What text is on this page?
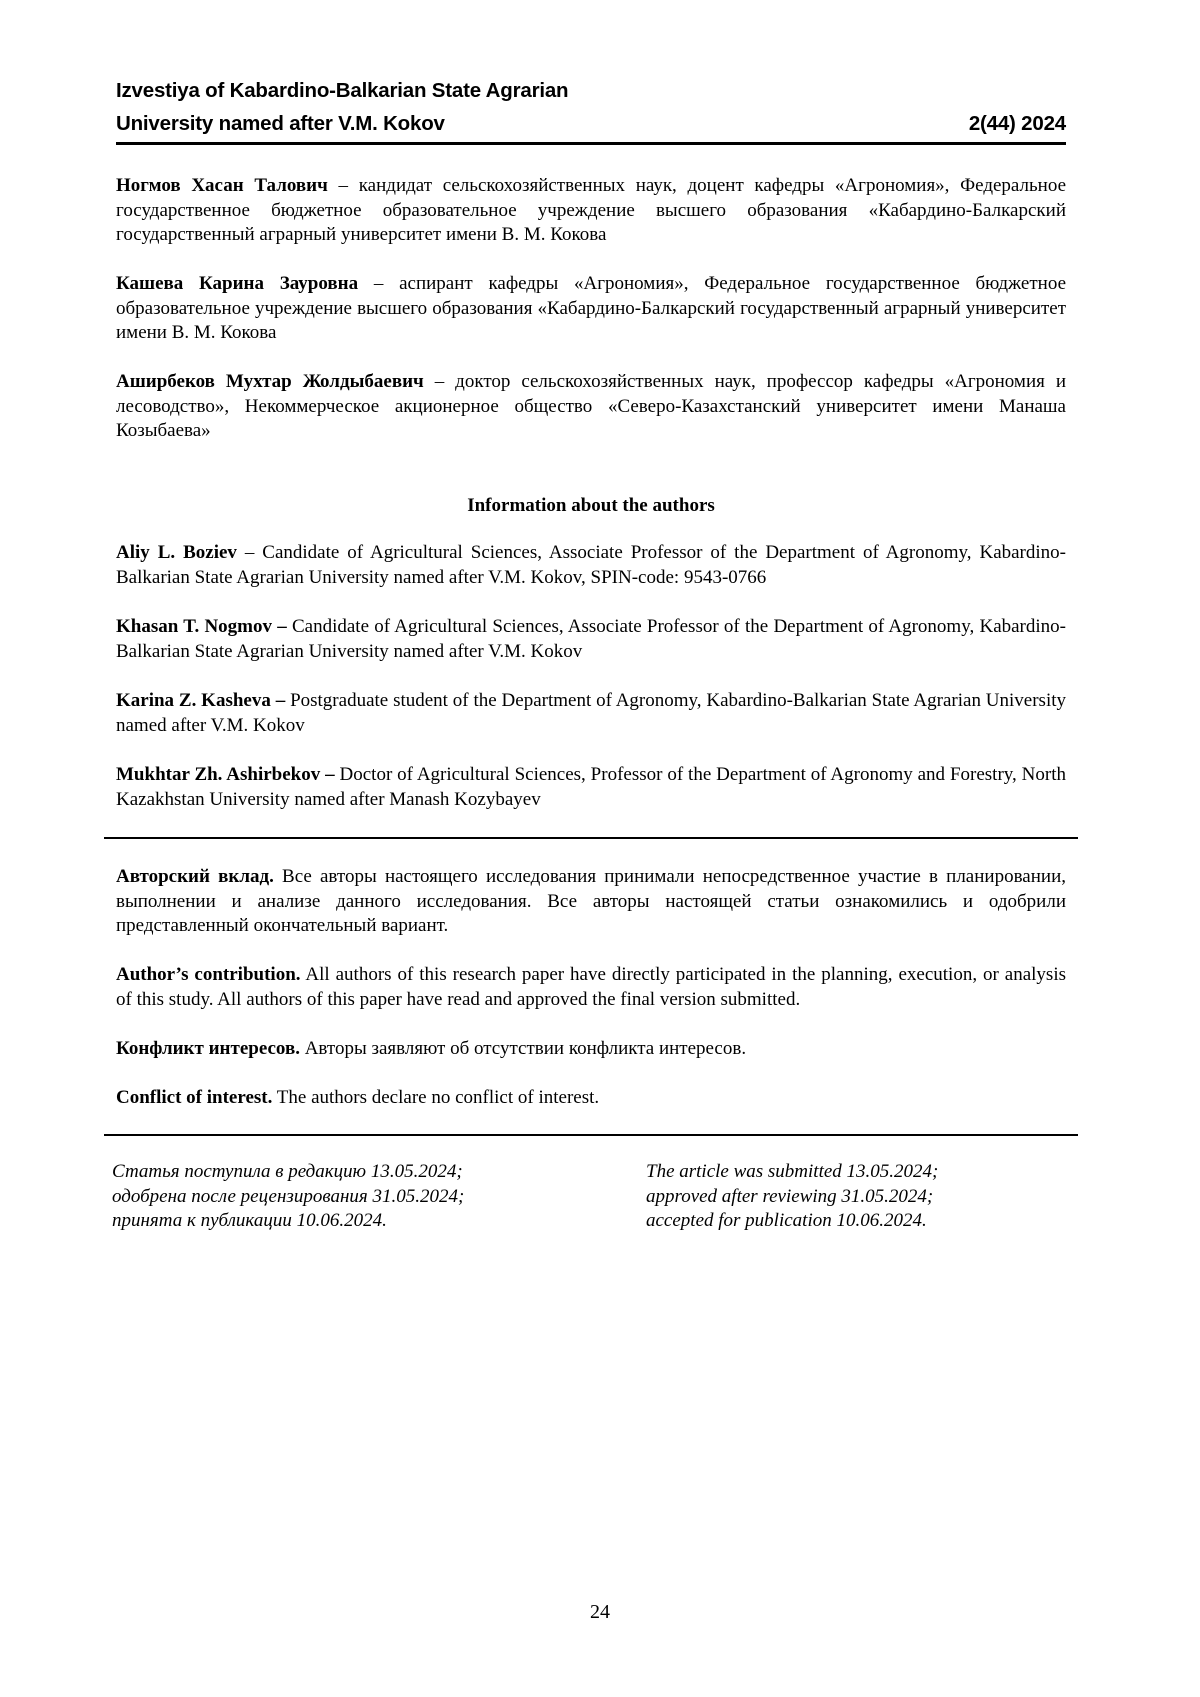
Izvestiya of Kabardino-Balkarian State Agrarian
University named after V.M. Kokov	2(44) 2024
Ногмов Хасан Талович – кандидат сельскохозяйственных наук, доцент кафедры «Агрономия», Федеральное государственное бюджетное образовательное учреждение высшего образования «Кабардино-Балкарский государственный аграрный университет имени В. М. Кокова
Кашева Карина Зауровна – аспирант кафедры «Агрономия», Федеральное государственное бюджетное образовательное учреждение высшего образования «Кабардино-Балкарский государственный аграрный университет имени В. М. Кокова
Аширбеков Мухтар Жолдыбаевич – доктор сельскохозяйственных наук, профессор кафедры «Агрономия и лесоводство», Некоммерческое акционерное общество «Северо-Казахстанский университет имени Манаша Козыбаева»
Information about the authors
Aliy L. Boziev – Candidate of Agricultural Sciences, Associate Professor of the Department of Agronomy, Kabardino-Balkarian State Agrarian University named after V.M. Kokov, SPIN-code: 9543-0766
Khasan T. Nogmov – Candidate of Agricultural Sciences, Associate Professor of the Department of Agronomy, Kabardino-Balkarian State Agrarian University named after V.M. Kokov
Karina Z. Kasheva – Postgraduate student of the Department of Agronomy, Kabardino-Balkarian State Agrarian University named after V.M. Kokov
Mukhtar Zh. Ashirbekov – Doctor of Agricultural Sciences, Professor of the Department of Agronomy and Forestry, North Kazakhstan University named after Manash Kozybayev
Авторский вклад. Все авторы настоящего исследования принимали непосредственное участие в планировании, выполнении и анализе данного исследования. Все авторы настоящей статьи ознакомились и одобрили представленный окончательный вариант.
Author’s contribution. All authors of this research paper have directly participated in the planning, execution, or analysis of this study. All authors of this paper have read and approved the final version submitted.
Конфликт интересов. Авторы заявляют об отсутствии конфликта интересов.
Conflict of interest. The authors declare no conflict of interest.
Статья поступила в редакцию 13.05.2024;
одобрена после рецензирования 31.05.2024;
принята к публикации 10.06.2024.
The article was submitted 13.05.2024;
approved after reviewing 31.05.2024;
accepted for publication 10.06.2024.
24
